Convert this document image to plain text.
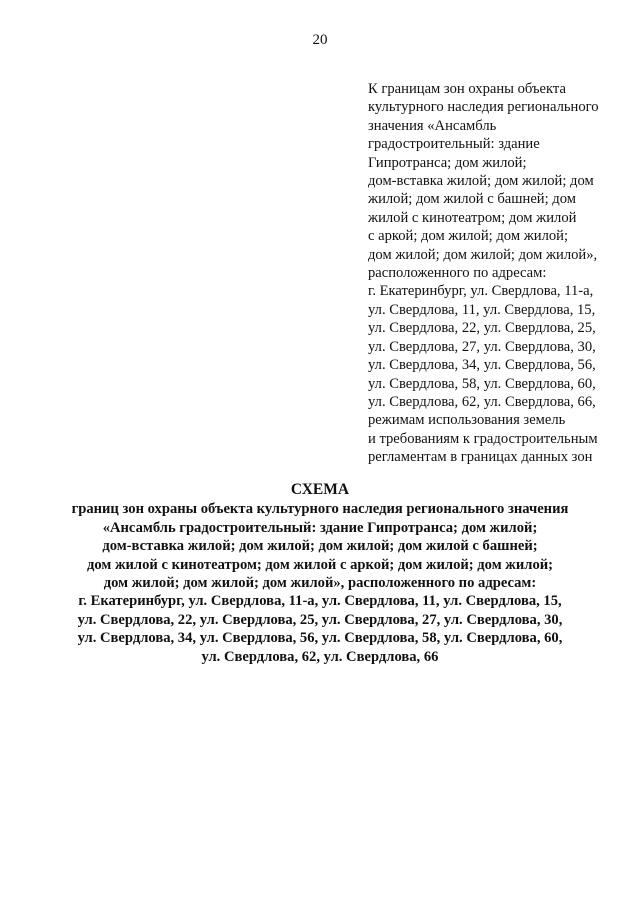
20
К границам зон охраны объекта
культурного наследия регионального
значения «Ансамбль
градостроительный: здание
Гипротранса; дом жилой;
дом-вставка жилой; дом жилой; дом
жилой; дом жилой с башней; дом
жилой с кинотеатром; дом жилой
с аркой; дом жилой; дом жилой;
дом жилой; дом жилой; дом жилой»,
расположенного по адресам:
г. Екатеринбург, ул. Свердлова, 11-а,
ул. Свердлова, 11, ул. Свердлова, 15,
ул. Свердлова, 22, ул. Свердлова, 25,
ул. Свердлова, 27, ул. Свердлова, 30,
ул. Свердлова, 34, ул. Свердлова, 56,
ул. Свердлова, 58, ул. Свердлова, 60,
ул. Свердлова, 62, ул. Свердлова, 66,
режимам использования земель
и требованиям к градостроительным
регламентам в границах данных зон
СХЕМА
границ зон охраны объекта культурного наследия регионального значения
«Ансамбль градостроительный: здание Гипротранса; дом жилой;
дом-вставка жилой; дом жилой; дом жилой; дом жилой с башней;
дом жилой с кинотеатром; дом жилой с аркой; дом жилой; дом жилой;
дом жилой; дом жилой; дом жилой», расположенного по адресам:
г. Екатеринбург, ул. Свердлова, 11-а, ул. Свердлова, 11, ул. Свердлова, 15,
ул. Свердлова, 22, ул. Свердлова, 25, ул. Свердлова, 27, ул. Свердлова, 30,
ул. Свердлова, 34, ул. Свердлова, 56, ул. Свердлова, 58, ул. Свердлова, 60,
ул. Свердлова, 62, ул. Свердлова, 66
